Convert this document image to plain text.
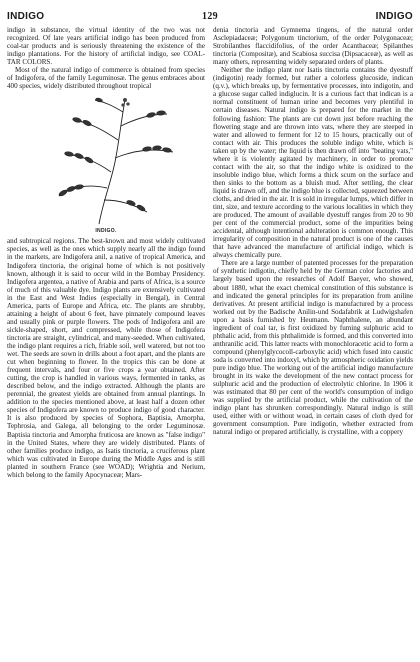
INDIGO	129	INDIGO

indigo in substance, the virtual identity of the two was not recognized. Of late years artificial indigo has been produced from coal-tar products and is seriously threatening the existence of the indigo plantations. For the history of artificial indigo, see COAL-TAR COLORS.

Most of the natural indigo of commerce is obtained from species of Indigofera, of the family Leguminosæ. The genus embraces about 400 species, widely distributed throughout tropical

INDIGO.

and subtropical regions. The best-known and most widely cultivated species, as well as the ones which supply nearly all the indigo found in the markets, are Indigofera anil, a native of tropical America, and Indigofera tinctoria, the original home of which is not positively known, although it is said to occur wild in the Bombay Presidency. Indigofera argentea, a native of Arabia and parts of Africa, is a source of much of this valuable dye. Indigo plants are extensively cultivated in the East and West Indies (especially in Bengal), in Central America, parts of Europe and Africa, etc. The plants are shrubby, attaining a height of about 6 feet, have pinnately compound leaves and usually pink or purple flowers. The pods of Indigofera anil are sickle-shaped, short, and compressed, while those of Indigofera tinctoria are straight, cylindrical, and many-seeded. When cultivated, the indigo plant requires a rich, friable soil, well watered, but not too wet. The seeds are sown in drills about a foot apart, and the plants are cut when beginning to flower. In the tropics this can be done at frequent intervals, and four or five crops a year obtained. After cutting, the crop is handled in various ways, fermented in tanks, as described below, and the indigo extracted. Although the plants are perennial, the greatest yields are obtained from annual plantings. In addition to the species mentioned above, at least half a dozen other species of Indigofera are known to produce indigo of good character. It is also produced by species of Sophora, Baptisia, Amorpha, Tephrosia, and Galega, all belonging to the order Leguminosæ. Baptisia tinctoria and Amorpha fruticosa are known as "false indigo" in the United States, where they are widely distributed. Plants of other families produce indigo, as Isatis tinctoria, a cruciferous plant which was cultivated in Europe during the Middle Ages and is still planted in southern France (see WOAD); Wrightia and Nerium, which belong to the family Apocynaceæ; Mars-

denia tinctoria and Gymnema tingens, of the natural order Asclepiadaceæ; Polygonum tinctorium, of the order Polygonaceæ; Strobilanthes flaccidifolius, of the order Acanthaceæ; Spilanthes tinctoria (Compositæ), and Scabiosa succisa (Dipsacaceæ), as well as many others, representing widely separated orders of plants.

Neither the indigo plant nor Isatis tinctoria contains the dyestuff (indigotin) ready formed, but rather a colorless glucoside, indican (q.v.), which breaks up, by fermentative processes, into indigotin, and a glucose sugar called indiglucin. It is a curious fact that indican is a normal constituent of human urine and becomes very plentiful in certain diseases. Natural indigo is prepared for the market in the following fashion: The plants are cut down just before reaching the flowering stage and are thrown into vats, where they are steeped in water and allowed to ferment for 12 to 15 hours, practically out of contact with air. This produces the soluble indigo white, which is taken up by the water; the liquid is then drawn off into "beating vats," where it is violently agitated by machinery, in order to promote contact with the air, so that the indigo white is oxidized to the insoluble indigo blue, which forms a thick scum on the surface and then sinks to the bottom as a bluish mud. After settling, the clear liquid is drawn off, and the indigo blue is collected, squeezed between cloths, and dried in the air. It is sold in irregular lumps, which differ in tint, size, and texture according to the various localities in which they are produced. The amount of available dyestuff ranges from 20 to 90 per cent of the commercial product, some of the impurities being accidental, although intentional adulteration is common enough. This irregularity of composition in the natural product is one of the causes that have advanced the manufacture of artificial indigo, which is always chemically pure.

There are a large number of patented processes for the preparation of synthetic indigotin, chiefly held by the German color factories and largely based upon the researches of Adolf Baeyer, who showed, about 1880, what the exact chemical constitution of this substance is and indicated the general principles for its preparation from aniline derivatives. At present artificial indigo is manufactured by a process worked out by the Badische Anilin-und Sodafabrik at Ludwigshafen upon a basis furnished by Heumann. Naphthalene, an abundant ingredient of coal tar, is first oxidized by fuming sulphuric acid to phthalic acid, from this phthalimide is formed, and this converted into anthranilic acid. This latter reacts with monochloracetic acid to form a compound (phenylglycocoll-carboxylic acid) which fused into caustic soda is converted into indoxyl, which by atmospheric oxidation yields pure indigo blue. The working out of the artificial indigo manufacture brought in its wake the development of the new contact process for sulphuric acid and the production of electrolytic chlorine. In 1906 it was estimated that 80 per cent of the world's consumption of indigo was supplied by the artificial product, while the cultivation of the indigo plant has shrunken correspondingly. Natural indigo is still used, either with or without woad, in certain cases of cloth dyed for government consumption. Pure indigotin, whether extracted from natural indigo or prepared artificially, is crystalline, with a coppery
